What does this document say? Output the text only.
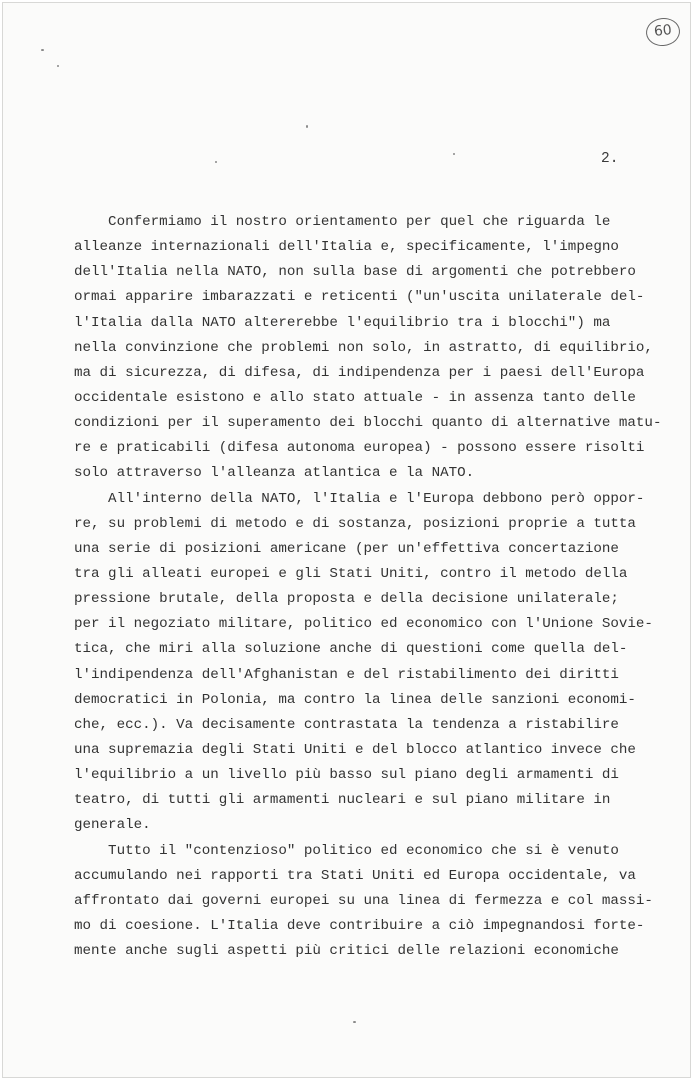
60
2.
Confermiamo il nostro orientamento per quel che riguarda le
alleanze internazionali dell'Italia e, specificamente, l'impegno
dell'Italia nella NATO, non sulla base di argomenti che potrebbero
ormai apparire imbarazzati e reticenti ("un'uscita unilaterale del-
l'Italia dalla NATO altererebbe l'equilibrio tra i blocchi") ma
nella convinzione che problemi non solo, in astratto, di equilibrio,
ma di sicurezza, di difesa, di indipendenza per i paesi dell'Europa
occidentale esistono e allo stato attuale - in assenza tanto delle
condizioni per il superamento dei blocchi quanto di alternative matu-
re e praticabili (difesa autonoma europea) - possono essere risolti
solo attraverso l'alleanza atlantica e la NATO.
All'interno della NATO, l'Italia e l'Europa debbono però oppor-
re, su problemi di metodo e di sostanza, posizioni proprie a tutta
una serie di posizioni americane (per un'effettiva concertazione
tra gli alleati europei e gli Stati Uniti, contro il metodo della
pressione brutale, della proposta e della decisione unilaterale;
per il negoziato militare, politico ed economico con l'Unione Sovie-
tica, che miri alla soluzione anche di questioni come quella del-
l'indipendenza dell'Afghanistan e del ristabilimento dei diritti
democratici in Polonia, ma contro la linea delle sanzioni economi-
che, ecc.). Va decisamente contrastata la tendenza a ristabilire
una supremazia degli Stati Uniti e del blocco atlantico invece che
l'equilibrio a un livello più basso sul piano degli armamenti di
teatro, di tutti gli armamenti nucleari e sul piano militare in
generale.
Tutto il "contenzioso" politico ed economico che si è venuto
accumulando nei rapporti tra Stati Uniti ed Europa occidentale, va
affrontato dai governi europei su una linea di fermezza e col massi-
mo di coesione. L'Italia deve contribuire a ciò impegnandosi forte-
mente anche sugli aspetti più critici delle relazioni economiche
